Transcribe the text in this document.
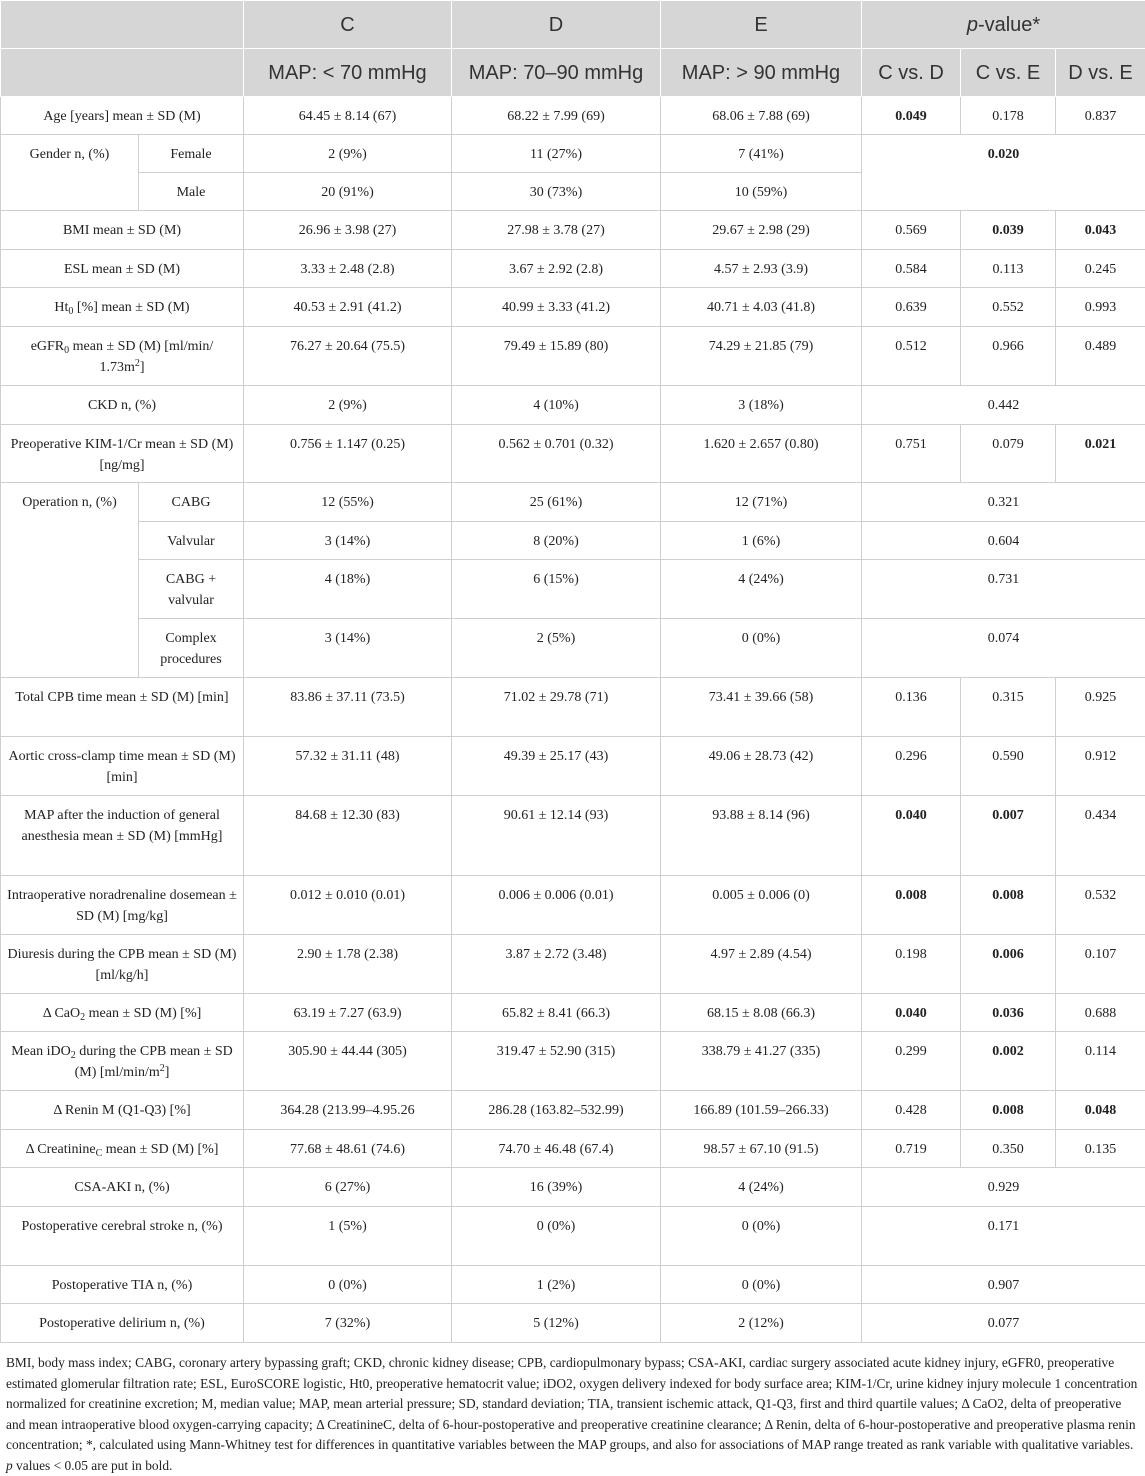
		C	D	E	p-value*		
		MAP: < 70 mmHg	MAP: 70–90 mmHg	MAP: > 90 mmHg	C vs. D	C vs. E	D vs. E
Age [years] mean ± SD (M)		64.45 ± 8.14 (67)	68.22 ± 7.99 (69)	68.06 ± 7.88 (69)	0.049	0.178	0.837
Gender n, (%)	Female	2 (9%)	11 (27%)	7 (41%)	0.020		
	Male	20 (91%)	30 (73%)	10 (59%)			
BMI mean ± SD (M)		26.96 ± 3.98 (27)	27.98 ± 3.78 (27)	29.67 ± 2.98 (29)	0.569	0.039	0.043
ESL mean ± SD (M)		3.33 ± 2.48 (2.8)	3.67 ± 2.92 (2.8)	4.57 ± 2.93 (3.9)	0.584	0.113	0.245
$Ht_0$ [%] mean ± SD (M)		40.53 ± 2.91 (41.2)	40.99 ± 3.33 (41.2)	40.71 ± 4.03 (41.8)	0.639	0.552	0.993
eGFR$_0$ mean ± SD (M) [ml/min/ $1.73m^2$]		76.27 ± 20.64 (75.5)	79.49 ± 15.89 (80)	74.29 ± 21.85 (79)	0.512	0.966	0.489
CKD n, (%)		2 (9%)	4 (10%)	3 (18%)	0.442		
Preoperative KIM-1/Cr mean ± SD (M) [ng/mg]		0.756 ± 1.147 (0.25)	0.562 ± 0.701 (0.32)	1.620 ± 2.657 (0.80)	0.751	0.079	0.021
Operation n, (%)	CABG	12 (55%)	25 (61%)	12 (71%)	0.321		
	Valvular	3 (14%)	8 (20%)	1 (6%)	0.604		
	CABG + valvular	4 (18%)	6 (15%)	4 (24%)	0.731		
	Complex procedures	3 (14%)	2 (5%)	0 (0%)	0.074		
Total CPB time mean ± SD (M) [min]		83.86 ± 37.11 (73.5)	71.02 ± 29.78 (71)	73.41 ± 39.66 (58)	0.136	0.315	0.925
Aortic cross-clamp time mean ± SD (M) [min]		57.32 ± 31.11 (48)	49.39 ± 25.17 (43)	49.06 ± 28.73 (42)	0.296	0.590	0.912
MAP after the induction of general anesthesia mean ± SD (M) [mmHg]		84.68 ± 12.30 (83)	90.61 ± 12.14 (93)	93.88 ± 8.14 (96)	0.040	0.007	0.434
Intraoperative noradrenaline dosemean ± SD (M) [mg/kg]		0.012 ± 0.010 (0.01)	0.006 ± 0.006 (0.01)	0.005 ± 0.006 (0)	0.008	0.008	0.532
Diuresis during the CPB mean ± SD (M) [ml/kg/h]		2.90 ± 1.78 (2.38)	3.87 ± 2.72 (3.48)	4.97 ± 2.89 (4.54)	0.198	0.006	0.107
Δ CaO$_2$ mean ± SD (M) [%]		63.19 ± 7.27 (63.9)	65.82 ± 8.41 (66.3)	68.15 ± 8.08 (66.3)	0.040	0.036	0.688
Mean iDO$_2$ during the CPB mean ± SD (M) $[ml/\min/m^2]$		305.90 ± 44.44 (305)	319.47 ± 52.90 (315)	338.79 ± 41.27 (335)	0.299	0.002	0.114
Δ Renin M (Q1-Q3) [%]		364.28 (213.99–4.95.26	286.28 (163.82–532.99)	166.89 (101.59–266.33)	0.428	0.008	0.048
Δ Creatinine$_C$ mean ± SD (M) [%]		77.68 ± 48.61 (74.6)	74.70 ± 46.48 (67.4)	98.57 ± 67.10 (91.5)	0.719	0.350	0.135
CSA-AKI n, (%)		6 (27%)	16 (39%)	4 (24%)	0.929		
Postoperative cerebral stroke n, (%)		1 (5%)	0 (0%)	0 (0%)	0.171		
Postoperative TIA n, (%)		0 (0%)	1 (2%)	0 (0%)	0.907		
Postoperative delirium n, (%)		7 (32%)	5 (12%)	2 (12%)	0.077		
BMI, body mass index; CABG, coronary artery bypassing graft; CKD, chronic kidney disease; CPB, cardiopulmonary bypass; CSA-AKI, cardiac surgery associated acute kidney injury, eGFR0, preoperative estimated glomerular filtration rate; ESL, EuroSCORE logistic, Ht0, preoperative hematocrit value; iDO2, oxygen delivery indexed for body surface area; KIM-1/Cr, urine kidney injury molecule 1 concentration normalized for creatinine excretion; M, median value; MAP, mean arterial pressure; SD, standard deviation; TIA, transient ischemic attack, Q1-Q3, first and third quartile values; Δ CaO2, delta of preoperative and mean intraoperative blood oxygen-carrying capacity; Δ CreatinineC, delta of 6-hour-postoperative and preoperative creatinine clearance; Δ Renin, delta of 6-hour-postoperative and preoperative plasma renin concentration; *, calculated using Mann-Whitney test for differences in quantitative variables between the MAP groups, and also for associations of MAP range treated as rank variable with qualitative variables. p values < 0.05 are put in bold.
